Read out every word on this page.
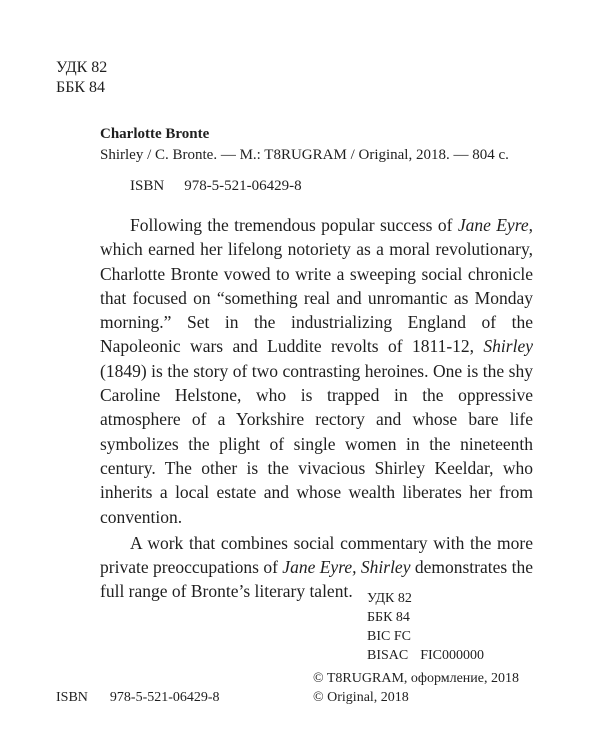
УДК 82
ББК 84
Charlotte Bronte
Shirley / C. Bronte. — M.: T8RUGRAM / Original, 2018. — 804 с.
ISBN 978-5-521-06429-8

Following the tremendous popular success of Jane Eyre, which earned her lifelong notoriety as a moral revolutionary, Charlotte Bronte vowed to write a sweeping social chronicle that focused on “something real and unromantic as Monday morning.” Set in the industrializing England of the Napoleonic wars and Luddite revolts of 1811-12, Shirley (1849) is the story of two contrasting heroines. One is the shy Caroline Helstone, who is trapped in the oppressive atmosphere of a Yorkshire rectory and whose bare life symbolizes the plight of single women in the nineteenth century. The other is the vivacious Shirley Keeldar, who inherits a local estate and whose wealth liberates her from convention.

A work that combines social commentary with the more private preoccupations of Jane Eyre, Shirley demonstrates the full range of Bronte’s literary talent.	УДК 82
ББК 84
BIC FC
BISAC FIC000000
© T8RUGRAM, оформление, 2018
© Original, 2018
ISBN 978-5-521-06429-8
